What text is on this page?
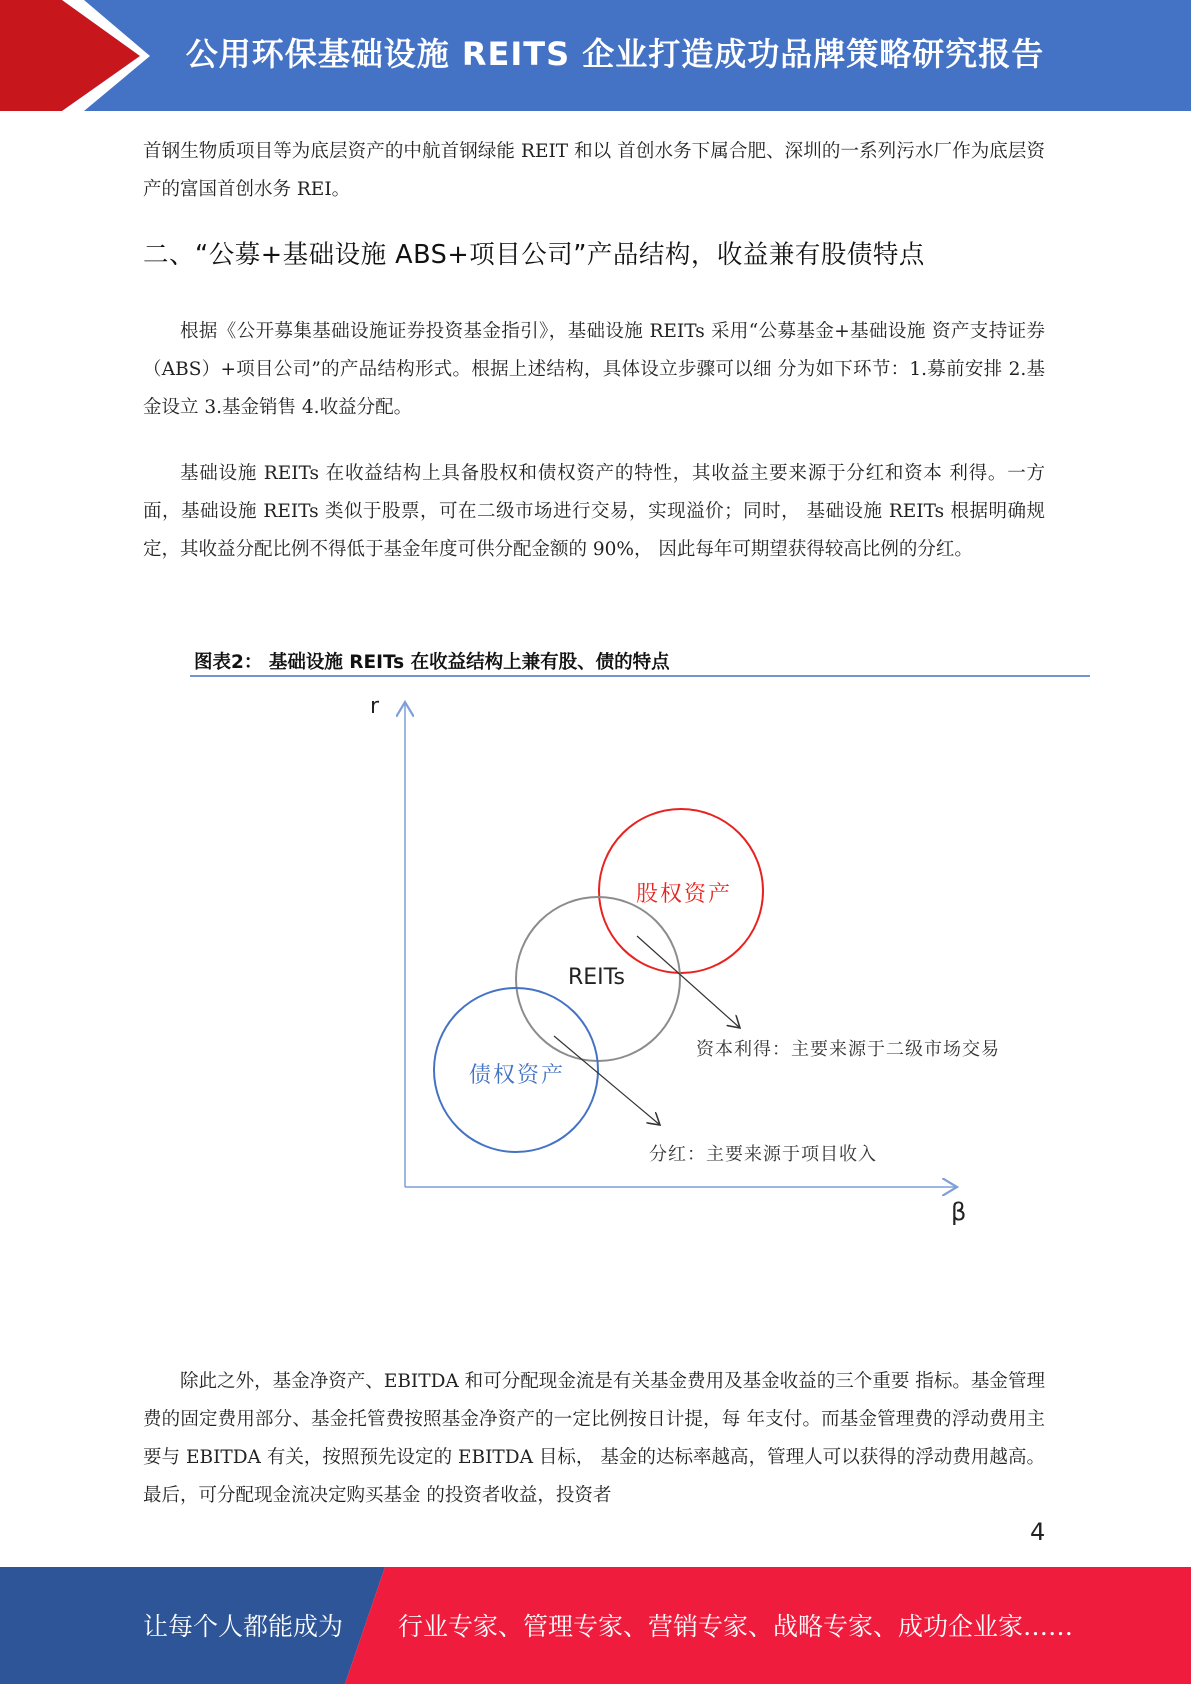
公用环保基础设施 REITS 企业打造成功品牌策略研究报告
首钢生物质项目等为底层资产的中航首钢绿能 REIT 和以 首创水务下属合肥、深圳的一系列污水厂作为底层资产的富国首创水务 REI。
二、“公募+基础设施 ABS+项目公司”产品结构，收益兼有股债特点
根据《公开募集基础设施证券投资基金指引》，基础设施 REITs 采用“公募基金+基础设施 资产支持证券（ABS）+项目公司”的产品结构形式。根据上述结构，具体设立步骤可以细 分为如下环节：1.募前安排 2.基金设立 3.基金销售 4.收益分配。
基础设施 REITs 在收益结构上具备股权和债权资产的特性，其收益主要来源于分红和资本 利得。一方面，基础设施 REITs 类似于股票，可在二级市场进行交易，实现溢价；同时， 基础设施 REITs 根据明确规定，其收益分配比例不得低于基金年度可供分配金额的 90%， 因此每年可期望获得较高比例的分红。
图表2： 基础设施 REITs 在收益结构上兼有股、债的特点
r
β
股权资产
REITs
债权资产
资本利得：主要来源于二级市场交易
分红：主要来源于项目收入
除此之外，基金净资产、EBITDA 和可分配现金流是有关基金费用及基金收益的三个重要 指标。基金管理费的固定费用部分、基金托管费按照基金净资产的一定比例按日计提，每 年支付。而基金管理费的浮动费用主要与 EBITDA 有关，按照预先设定的 EBITDA 目标， 基金的达标率越高，管理人可以获得的浮动费用越高。最后，可分配现金流决定购买基金 的投资者收益，投资者
4
让每个人都能成为 行业专家、管理专家、营销专家、战略专家、成功企业家……
